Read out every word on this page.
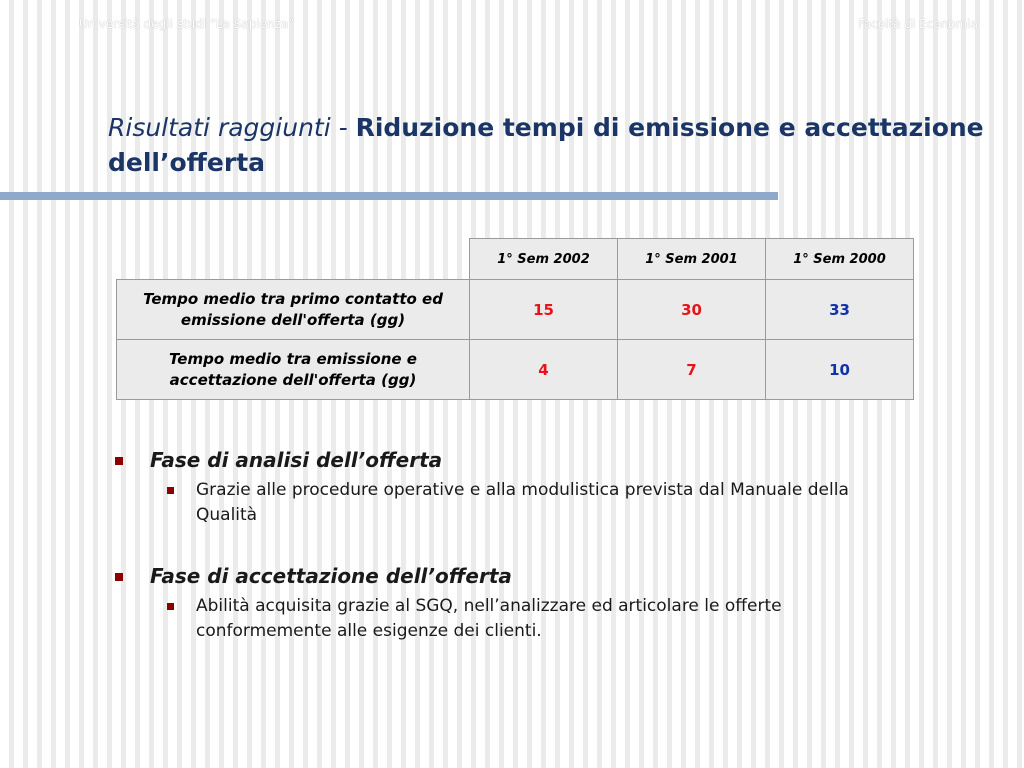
Università degli studi “La Sapienza”	Facoltà di Economia
Risultati raggiunti - Riduzione tempi di emissione e accettazione dell’offerta
	1° Sem 2002	1° Sem 2001	1° Sem 2000
Tempo medio tra primo contatto ed emissione dell'offerta (gg)	15	30	33
Tempo medio tra emissione e accettazione dell'offerta (gg)	4	7	10
Fase di analisi dell’offerta
Grazie alle procedure operative e alla modulistica prevista dal Manuale della Qualità
Fase di accettazione dell’offerta
Abilità acquisita grazie al SGQ, nell’analizzare ed articolare le offerte conformemente alle esigenze dei clienti.
